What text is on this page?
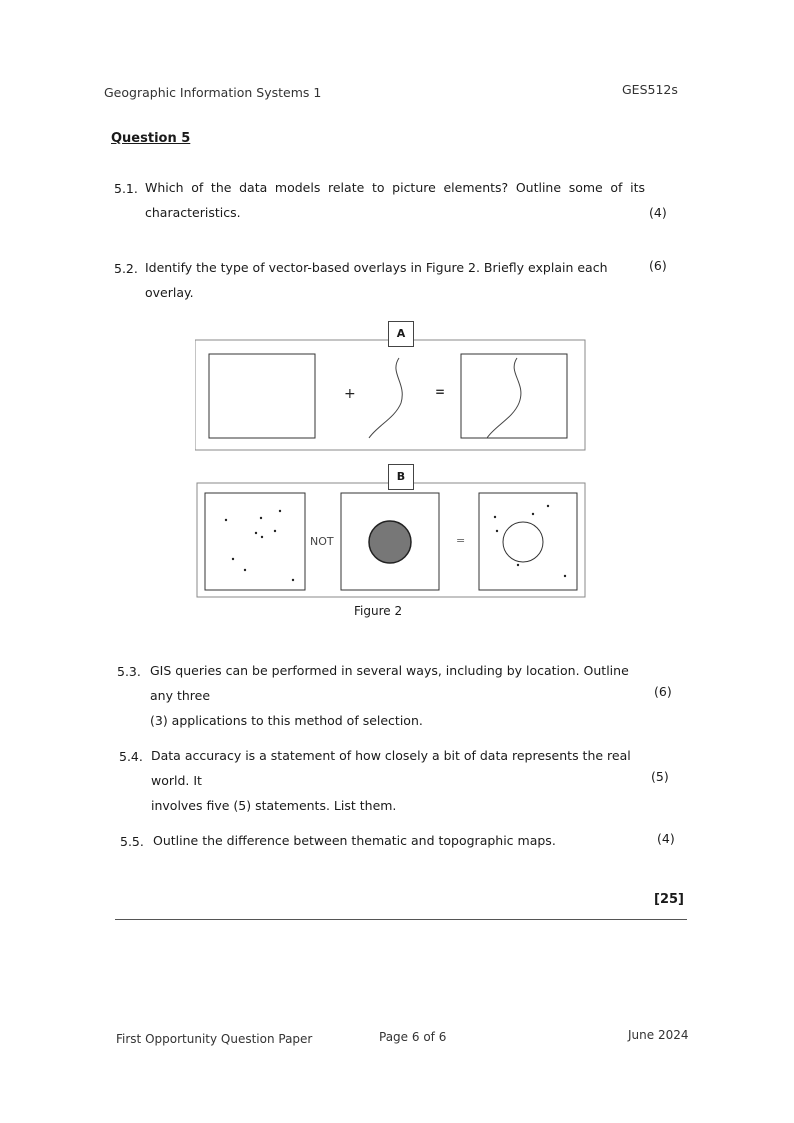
Geographic Information Systems 1	GES512s
Question 5
5.1. Which of the data models relate to picture elements? Outline some of its
characteristics.	(4)
5.2. Identify the type of vector-based overlays in Figure 2. Briefly explain each overlay.
(6)
+	=
NOT	=
A
B
Figure 2
5.3. GIS queries can be performed in several ways, including by location. Outline any three
(3) applications to this method of selection.
(6)
5.4. Data accuracy is a statement of how closely a bit of data represents the real world. It
involves five (5) statements. List them.
(5)
5.5. Outline the difference between thematic and topographic maps.	(4)
[25]
First Opportunity Question Paper	Page 6 of 6	June 2024
